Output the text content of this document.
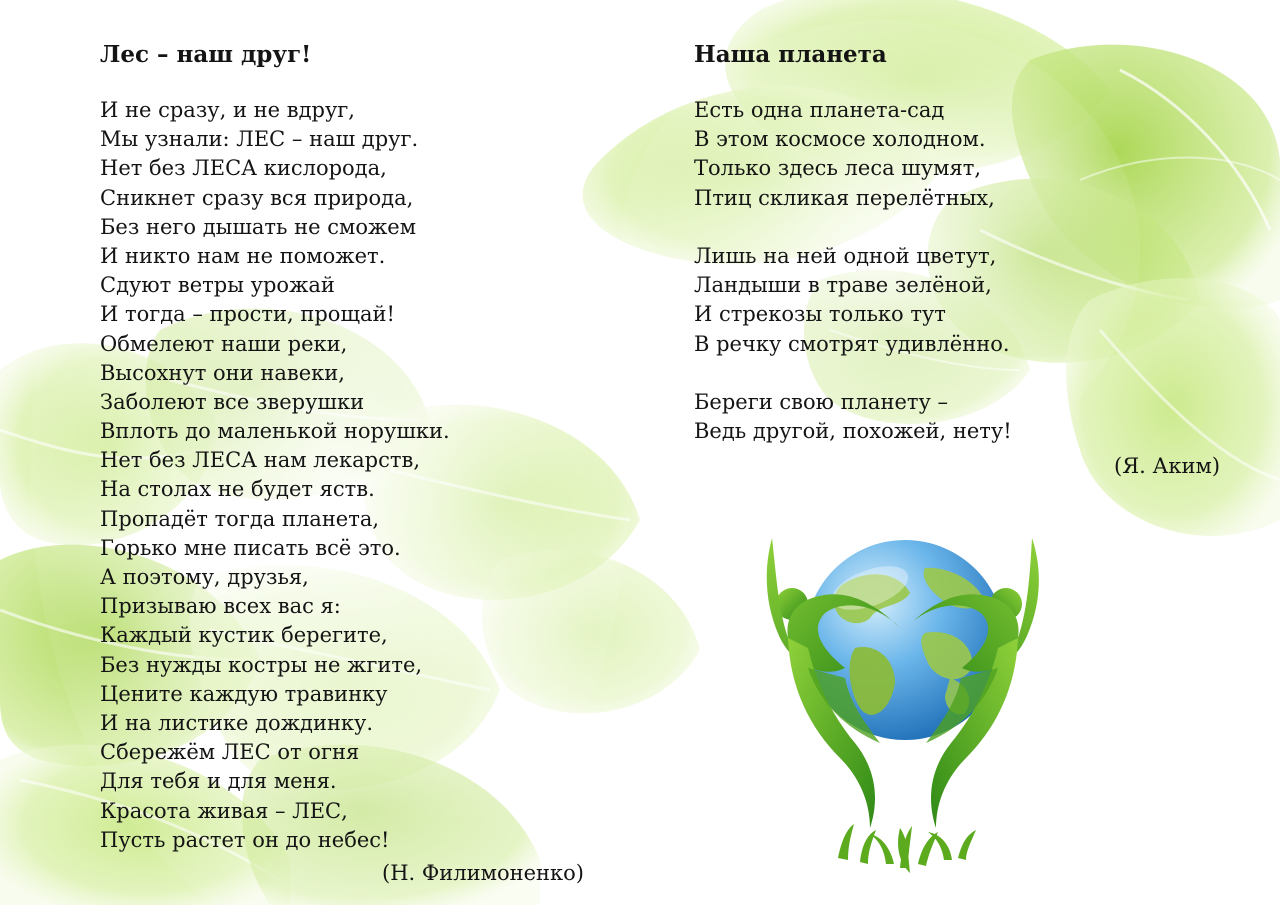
Лес – наш друг!
И не сразу, и не вдруг,
Мы узнали: ЛЕС – наш друг.
Нет без ЛЕСА кислорода,
Сникнет сразу вся природа,
Без него дышать не сможем
И никто нам не поможет.
Сдуют ветры урожай
И тогда – прости, прощай!
Обмелеют наши реки,
Высохнут они навеки,
Заболеют все зверушки
Вплоть до маленькой норушки.
Нет без ЛЕСА нам лекарств,
На столах не будет яств.
Пропадёт тогда планета,
Горько мне писать всё это.
А поэтому, друзья,
Призываю всех вас я:
Каждый кустик берегите,
Без нужды костры не жгите,
Цените каждую травинку
И на листике дождинку.
Сбережём ЛЕС от огня
Для тебя и для меня.
Красота живая – ЛЕС,
Пусть растет он до небес!
(Н. Филимоненко)
Наша планета
Есть одна планета-сад
В этом космосе холодном.
Только здесь леса шумят,
Птиц скликая перелётных,
Лишь на ней одной цветут,
Ландыши в траве зелёной,
И стрекозы только тут
В речку смотрят удивлённо.
Береги свою планету –
Ведь другой, похожей, нету!
(Я. Аким)
